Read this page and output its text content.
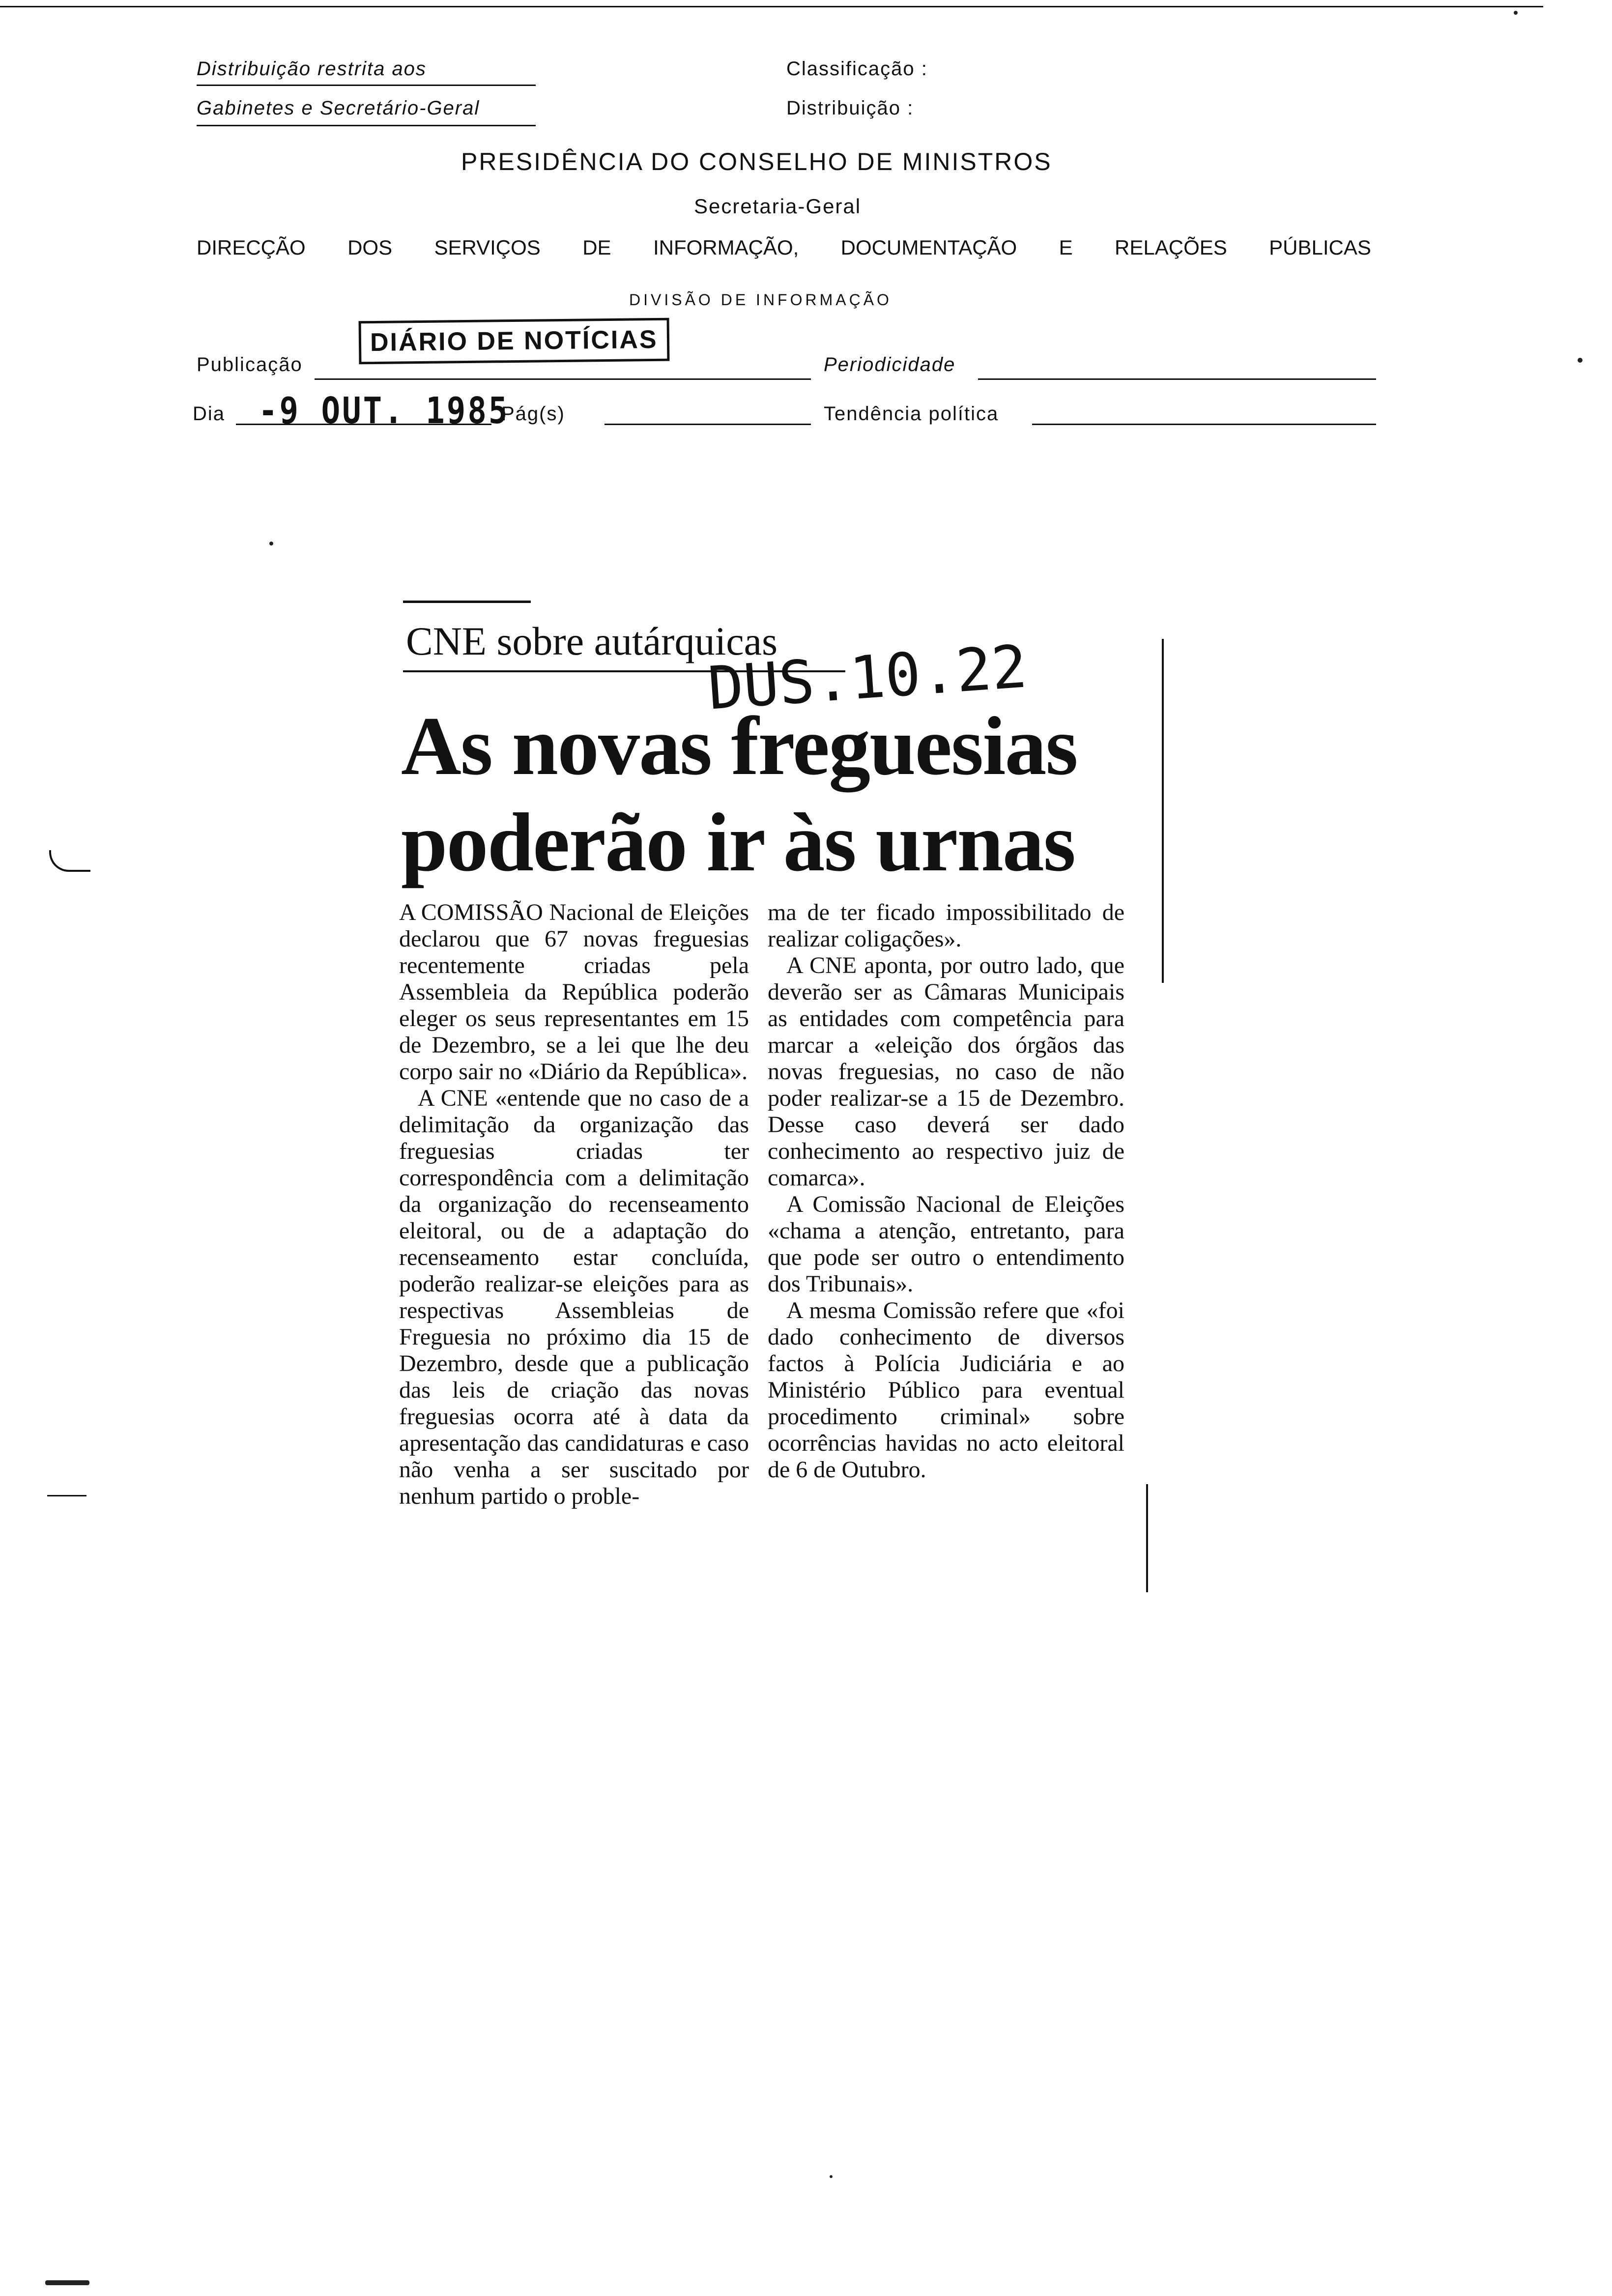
Distribuição restrita aos
Gabinetes e Secretário-Geral
Classificação :
Distribuição :
PRESIDÊNCIA DO CONSELHO DE MINISTROS
Secretaria-Geral
DIRECÇÃO DOS SERVIÇOS DE INFORMAÇÃO, DOCUMENTAÇÃO E RELAÇÕES PÚBLICAS
DIVISÃO DE INFORMAÇÃO
Publicação
DIÁRIO DE NOTÍCIAS
Periodicidade
Dia -9 OUT. 1985
Pág(s)	Tendência política
CNE sobre autárquicas
DUS.10.22
As novas freguesias
poderão ir às urnas

A COMISSÃO Nacional de Eleições declarou que 67 novas freguesias recentemente criadas pela Assembleia da República poderão eleger os seus representantes em 15 de Dezembro, se a lei que lhe deu corpo sair no «Diário da República».

A CNE «entende que no caso de a delimitação da organização das freguesias criadas ter correspondência com a delimitação da organização do recenseamento eleitoral, ou de a adaptação do recenseamento estar concluída, poderão realizar-se eleições para as respectivas Assembleias de Freguesia no próximo dia 15 de Dezembro, desde que a publicação das leis de criação das novas freguesias ocorra até à data da apresentação das candidaturas e caso não venha a ser suscitado por nenhum partido o proble-

ma de ter ficado impossibilitado de realizar coligações».

A CNE aponta, por outro lado, que deverão ser as Câmaras Municipais as entidades com competência para marcar a «eleição dos órgãos das novas freguesias, no caso de não poder realizar-se a 15 de Dezembro. Desse caso deverá ser dado conhecimento ao respectivo juiz de comarca».

A Comissão Nacional de Eleições «chama a atenção, entretanto, para que pode ser outro o entendimento dos Tribunais».

A mesma Comissão refere que «foi dado conhecimento de diversos factos à Polícia Judiciária e ao Ministério Público para eventual procedimento criminal» sobre ocorrências havidas no acto eleitoral de 6 de Outubro.
